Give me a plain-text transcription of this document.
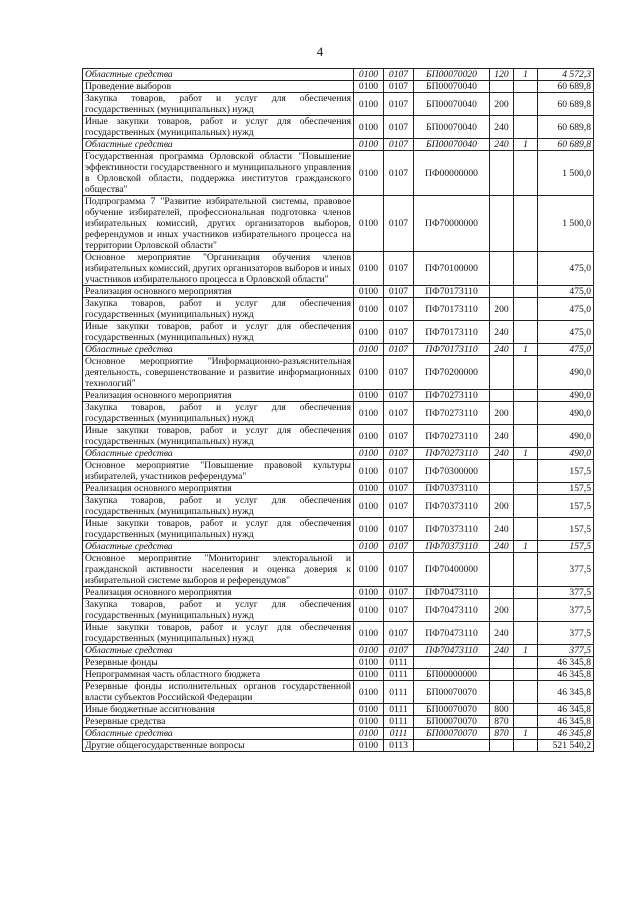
4
Областные средства	0100	0107	БП00070020	120	1	4 572,3
Проведение выборов	0100	0107	БП00070040			60 689,8
Закупка товаров, работ и услуг для обеспечения государственных (муниципальных) нужд	0100	0107	БП00070040	200		60 689,8
Иные закупки товаров, работ и услуг для обеспечения государственных (муниципальных) нужд	0100	0107	БП00070040	240		60 689,8
Областные средства	0100	0107	БП00070040	240	1	60 689,8
Государственная программа Орловской области "Повышение эффективности государственного и муниципального управления в Орловской области, поддержка институтов гражданского общества"	0100	0107	ПФ00000000			1 500,0
Подпрограмма 7 "Развитие избирательной системы, правовое обучение избирателей, профессиональная подготовка членов избирательных комиссий, других организаторов выборов, референдумов и иных участников избирательного процесса на территории Орловской области"	0100	0107	ПФ70000000			1 500,0
Основное мероприятие "Организация обучения членов избирательных комиссий, других организаторов выборов и иных участников избирательного процесса в Орловской области"	0100	0107	ПФ70100000			475,0
Реализация основного мероприятия	0100	0107	ПФ70173110			475,0
Закупка товаров, работ и услуг для обеспечения государственных (муниципальных) нужд	0100	0107	ПФ70173110	200		475,0
Иные закупки товаров, работ и услуг для обеспечения государственных (муниципальных) нужд	0100	0107	ПФ70173110	240		475,0
Областные средства	0100	0107	ПФ70173110	240	1	475,0
Основное мероприятие "Информационно-разъяснительная деятельность, совершенствование и развитие информационных технологий"	0100	0107	ПФ70200000			490,0
Реализация основного мероприятия	0100	0107	ПФ70273110			490,0
Закупка товаров, работ и услуг для обеспечения государственных (муниципальных) нужд	0100	0107	ПФ70273110	200		490,0
Иные закупки товаров, работ и услуг для обеспечения государственных (муниципальных) нужд	0100	0107	ПФ70273110	240		490,0
Областные средства	0100	0107	ПФ70273110	240	1	490,0
Основное мероприятие "Повышение правовой культуры избирателей, участников референдума"	0100	0107	ПФ70300000			157,5
Реализация основного мероприятия	0100	0107	ПФ70373110			157,5
Закупка товаров, работ и услуг для обеспечения государственных (муниципальных) нужд	0100	0107	ПФ70373110	200		157,5
Иные закупки товаров, работ и услуг для обеспечения государственных (муниципальных) нужд	0100	0107	ПФ70373110	240		157,5
Областные средства	0100	0107	ПФ70373110	240	1	157,5
Основное мероприятие "Мониторинг электоральной и гражданской активности населения и оценка доверия к избирательной системе выборов и референдумов"	0100	0107	ПФ70400000			377,5
Реализация основного мероприятия	0100	0107	ПФ70473110			377,5
Закупка товаров, работ и услуг для обеспечения государственных (муниципальных) нужд	0100	0107	ПФ70473110	200		377,5
Иные закупки товаров, работ и услуг для обеспечения государственных (муниципальных) нужд	0100	0107	ПФ70473110	240		377,5
Областные средства	0100	0107	ПФ70473110	240	1	377,5
Резервные фонды	0100	0111				46 345,8
Непрограммная часть областного бюджета	0100	0111	БП00000000			46 345,8
Резервные фонды исполнительных органов государственной власти субъектов Российской Федерации	0100	0111	БП00070070			46 345,8
Иные бюджетные ассигнования	0100	0111	БП00070070	800		46 345,8
Резервные средства	0100	0111	БП00070070	870		46 345,8
Областные средства	0100	0111	БП00070070	870	1	46 345,8
Другие общегосударственные вопросы	0100	0113				521 540,2
